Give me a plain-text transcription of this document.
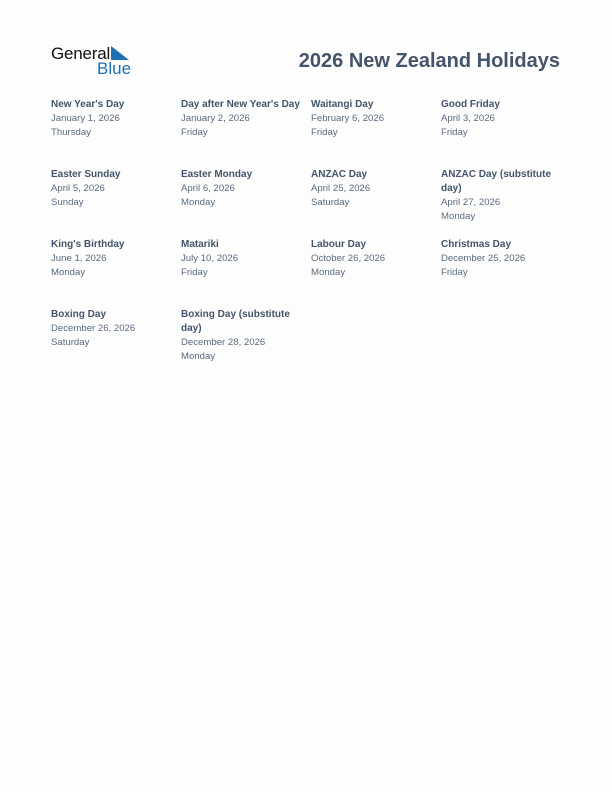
General
Blue	2026 New Zealand Holidays
New Year's Day
January 1, 2026
Thursday
Day after New Year's Day
January 2, 2026
Friday
Waitangi Day
February 6, 2026
Friday
Good Friday
April 3, 2026
Friday
Easter Sunday
April 5, 2026
Sunday
Easter Monday
April 6, 2026
Monday
ANZAC Day
April 25, 2026
Saturday
ANZAC Day (substitute day)
April 27, 2026
Monday
King's Birthday
June 1, 2026
Monday
Matariki
July 10, 2026
Friday
Labour Day
October 26, 2026
Monday
Christmas Day
December 25, 2026
Friday
Boxing Day
December 26, 2026
Saturday
Boxing Day (substitute day)
December 28, 2026
Monday
